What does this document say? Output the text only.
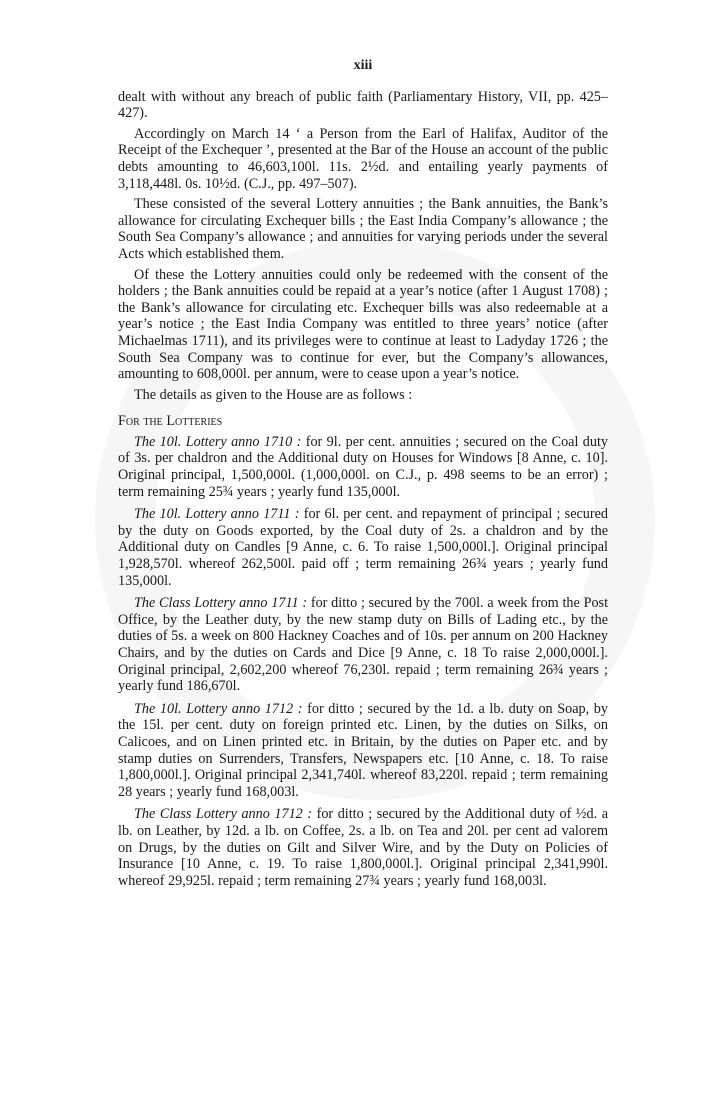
xiii

dealt with without any breach of public faith (Parliamentary History, VII, pp. 425–427).

Accordingly on March 14 ‘ a Person from the Earl of Halifax, Auditor of the Receipt of the Exchequer ’, presented at the Bar of the House an account of the public debts amounting to 46,603,100l. 11s. 2½d. and entailing yearly payments of 3,118,448l. 0s. 10½d. (C.J., pp. 497–507).

These consisted of the several Lottery annuities ; the Bank annuities, the Bank’s allowance for circulating Exchequer bills ; the East India Company’s allowance ; the South Sea Company’s allowance ; and annuities for varying periods under the several Acts which established them.

Of these the Lottery annuities could only be redeemed with the consent of the holders ; the Bank annuities could be repaid at a year’s notice (after 1 August 1708) ; the Bank’s allowance for circulating etc. Exchequer bills was also redeemable at a year’s notice ; the East India Company was entitled to three years’ notice (after Michaelmas 1711), and its privileges were to continue at least to Ladyday 1726 ; the South Sea Company was to continue for ever, but the Company’s allowances, amounting to 608,000l. per annum, were to cease upon a year’s notice.

The details as given to the House are as follows :

For the Lotteries

The 10l. Lottery anno 1710 : for 9l. per cent. annuities ; secured on the Coal duty of 3s. per chaldron and the Additional duty on Houses for Windows [8 Anne, c. 10]. Original principal, 1,500,000l. (1,000,000l. on C.J., p. 498 seems to be an error) ; term remaining 25¾ years ; yearly fund 135,000l.

The 10l. Lottery anno 1711 : for 6l. per cent. and repayment of principal ; secured by the duty on Goods exported, by the Coal duty of 2s. a chaldron and by the Additional duty on Candles [9 Anne, c. 6. To raise 1,500,000l.]. Original principal 1,928,570l. whereof 262,500l. paid off ; term remaining 26¾ years ; yearly fund 135,000l.

The Class Lottery anno 1711 : for ditto ; secured by the 700l. a week from the Post Office, by the Leather duty, by the new stamp duty on Bills of Lading etc., by the duties of 5s. a week on 800 Hackney Coaches and of 10s. per annum on 200 Hackney Chairs, and by the duties on Cards and Dice [9 Anne, c. 18 To raise 2,000,000l.]. Original principal, 2,602,200 whereof 76,230l. repaid ; term remaining 26¾ years ; yearly fund 186,670l.

The 10l. Lottery anno 1712 : for ditto ; secured by the 1d. a lb. duty on Soap, by the 15l. per cent. duty on foreign printed etc. Linen, by the duties on Silks, on Calicoes, and on Linen printed etc. in Britain, by the duties on Paper etc. and by stamp duties on Surrenders, Transfers, Newspapers etc. [10 Anne, c. 18. To raise 1,800,000l.]. Original principal 2,341,740l. whereof 83,220l. repaid ; term remaining 28 years ; yearly fund 168,003l.

The Class Lottery anno 1712 : for ditto ; secured by the Additional duty of ½d. a lb. on Leather, by 12d. a lb. on Coffee, 2s. a lb. on Tea and 20l. per cent ad valorem on Drugs, by the duties on Gilt and Silver Wire, and by the Duty on Policies of Insurance [10 Anne, c. 19. To raise 1,800,000l.]. Original principal 2,341,990l. whereof 29,925l. repaid ; term remaining 27¾ years ; yearly fund 168,003l.
